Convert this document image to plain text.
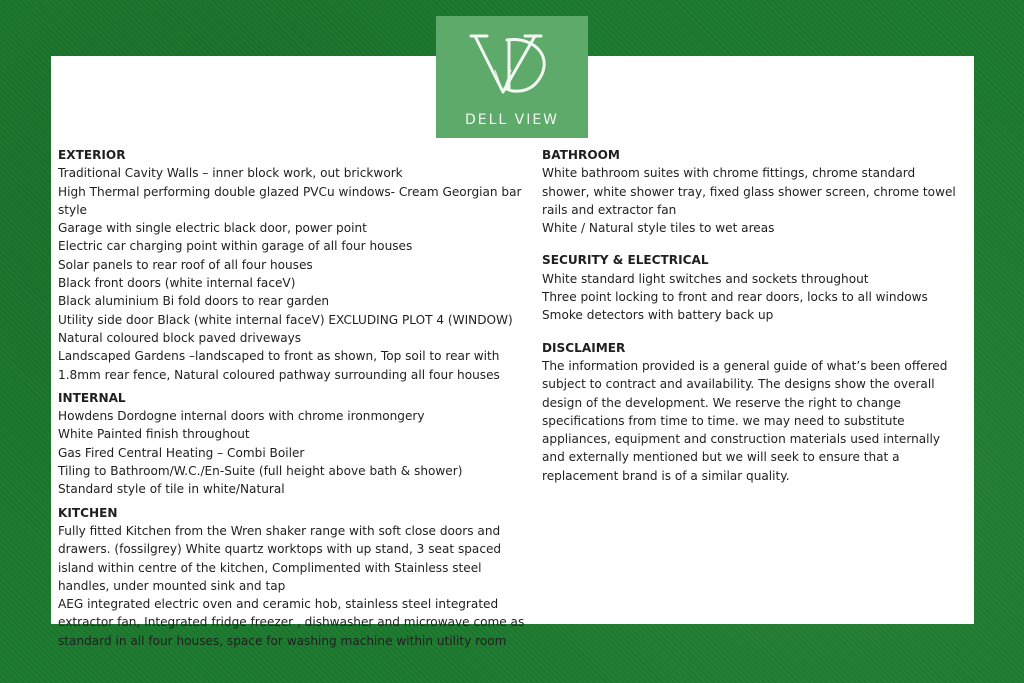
DELL VIEW
EXTERIOR

Traditional Cavity Walls – inner block work, out brickwork

High Thermal performing double glazed PVCu windows- Cream Georgian bar style

Garage with single electric black door, power point

Electric car charging point within garage of all four houses

Solar panels to rear roof of all four houses

Black front doors (white internal faceV)

Black aluminium Bi fold doors to rear garden

Utility side door Black (white internal faceV) EXCLUDING PLOT 4 (WINDOW) Natural coloured block paved driveways

Landscaped Gardens –landscaped to front as shown, Top soil to rear with 1.8mm rear fence, Natural coloured pathway surrounding all four houses

INTERNAL

Howdens Dordogne internal doors with chrome ironmongery

White Painted finish throughout

Gas Fired Central Heating – Combi Boiler

Tiling to Bathroom/W.C./En-Suite (full height above bath & shower)

Standard style of tile in white/Natural

KITCHEN

Fully fitted Kitchen from the Wren shaker range with soft close doors and drawers. (fossilgrey) White quartz worktops with up stand, 3 seat spaced island within centre of the kitchen, Complimented with Stainless steel handles, under mounted sink and tap

AEG integrated electric oven and ceramic hob, stainless steel integrated extractor fan, Integrated fridge freezer , dishwasher and microwave come as standard in all four houses, space for washing machine within utility room

BATHROOM

White bathroom suites with chrome fittings, chrome standard shower, white shower tray, fixed glass shower screen, chrome towel rails and extractor fan

White / Natural style tiles to wet areas

SECURITY & ELECTRICAL

White standard light switches and sockets throughout

Three point locking to front and rear doors, locks to all windows

Smoke detectors with battery back up

DISCLAIMER

The information provided is a general guide of what’s been offered subject to contract and availability. The designs show the overall design of the development. We reserve the right to change specifications from time to time. we may need to substitute appliances, equipment and construction materials used internally and externally mentioned but we will seek to ensure that a replacement brand is of a similar quality.
